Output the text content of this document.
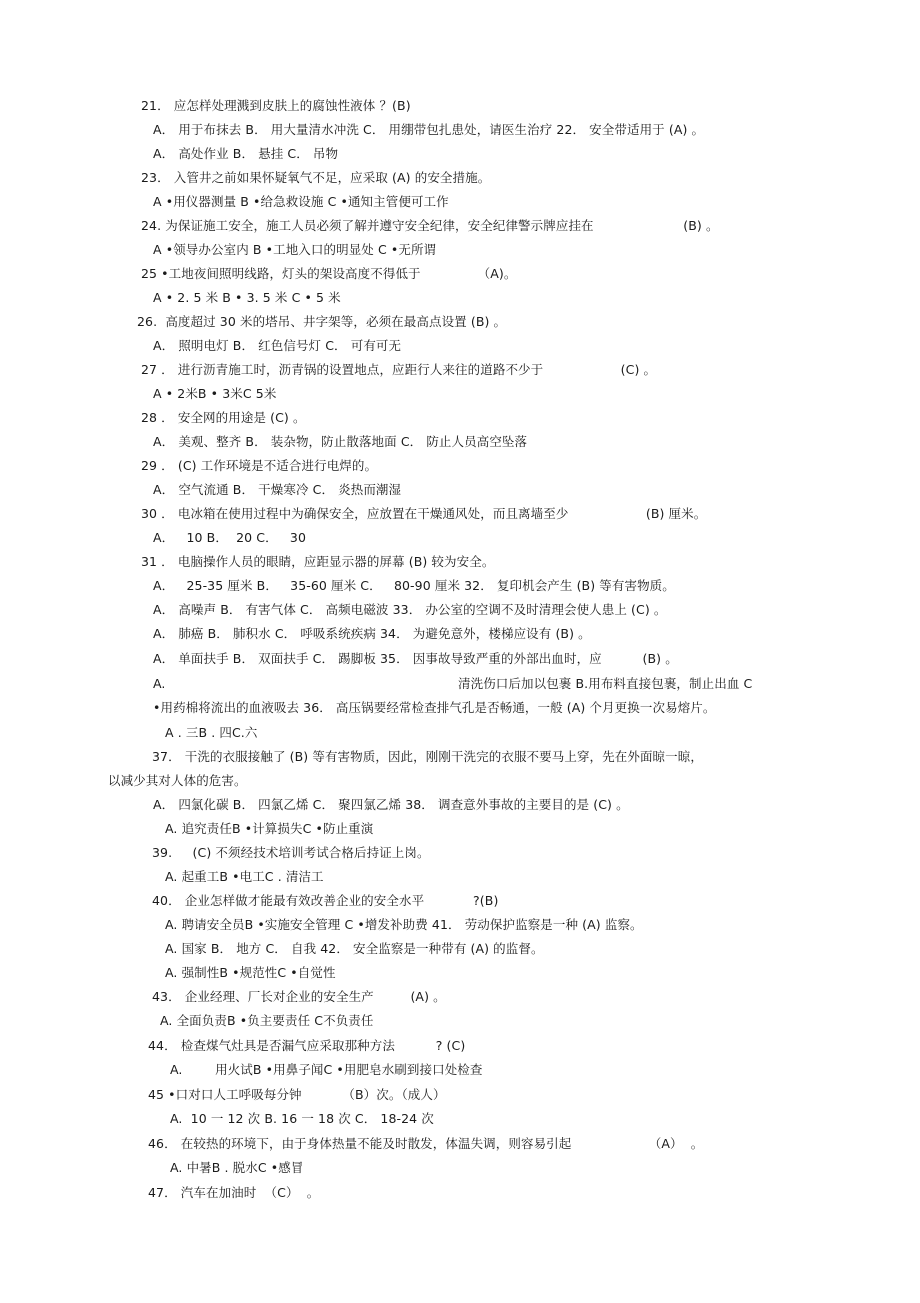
21． 应怎样处理溅到皮肤上的腐蚀性液体 ？(B)
A． 用于布抹去 B． 用大量清水冲洗 C． 用绷带包扎患处，请医生治疗 22． 安全带适用于 (A) 。
A． 高处作业 B． 悬挂 C． 吊物
23． 入管井之前如果怀疑氧气不足，应采取 (A) 的安全措施。
A •用仪器测量 B •给急救设施 C •通知主管便可工作
24. 为保证施工安全，施工人员必须了解并遵守安全纪律，安全纪律警示牌应挂在                      (B) 。
A •领导办公室内 B •工地入口的明显处 C •无所谓
25 •工地夜间照明线路，灯头的架设高度不得低于              （A)。
A • 2. 5 米 B • 3. 5 米 C • 5 米
26.  高度超过 30 米的塔吊、井字架等，必须在最高点设置 (B) 。
A． 照明电灯 B． 红色信号灯 C． 可有可无
27 ． 进行沥青施工时，沥青锅的设置地点，应距行人来往的道路不少于                   (C) 。
A • 2米B • 3米C 5米
28 ． 安全网的用途是 (C) 。
A． 美观、整齐 B． 装杂物，防止散落地面 C． 防止人员高空坠落
29 ． (C) 工作环境是不适合进行电焊的。
A． 空气流通 B． 干燥寒冷 C． 炎热而潮湿
30 ． 电冰箱在使用过程中为确保安全，应放置在干燥通风处，而且离墙至少                   (B) 厘米。
A．   10 B．  20 C．   30
31 ． 电脑操作人员的眼睛，应距显示器的屏幕 (B) 较为安全。
A．   25-35 厘米 B．   35-60 厘米 C．   80-90 厘米 32． 复印机会产生 (B) 等有害物质。
A． 高噪声 B． 有害气体 C． 高频电磁波 33． 办公室的空调不及时清理会使人患上 (C) 。
A． 肺癌 B． 肺积水 C． 呼吸系统疾病 34． 为避免意外，楼梯应设有 (B) 。
A． 单面扶手 B． 双面扶手 C． 踢脚板 35． 因事故导致严重的外部出血时，应          (B) 。
A.	清洗伤口后加以包裹 B.用布料直接包裹，制止出血 C
•用药棉将流出的血液吸去 36． 高压锅要经常检查排气孔是否畅通，一般 (A) 个月更换一次易熔片。
A . 三B . 四C.六
37． 干洗的衣服接触了 (B) 等有害物质，因此，刚刚干洗完的衣服不要马上穿，先在外面晾一晾，
以减少其对人体的危害。
A． 四氯化碳 B． 四氯乙烯 C． 聚四氯乙烯 38． 调查意外事故的主要目的是 (C) 。
A. 追究责任B •计算损失C •防止重演
39.     (C) 不须经技术培训考试合格后持证上岗。
A. 起重工B •电工C . 清洁工
40． 企业怎样做才能最有效改善企业的安全水平            ?(B)
A. 聘请安全员B •实施安全管理 C •增发补助费 41． 劳动保护监察是一种 (A) 监察。
A. 国家 B． 地方 C． 自我 42． 安全监察是一种带有 (A) 的监督。
A. 强制性B •规范性C •自觉性
43． 企业经理、厂长对企业的安全生产         (A) 。
A. 全面负责B •负主要责任 C不负责任
44． 检查煤气灶具是否漏气应采取那种方法          ? (C)
A.        用火试B •用鼻子闻C •用肥皂水刷到接口处检查
45 •口对口人工呼吸每分钟          （B）次。（成人）
A.  10 一 12 次 B. 16 一 18 次 C． 18-24 次
46． 在较热的环境下，由于身体热量不能及时散发，体温失调，则容易引起                   （A）  。
A. 中暑B . 脱水C •感冒
47． 汽车在加油时  （C）  。
